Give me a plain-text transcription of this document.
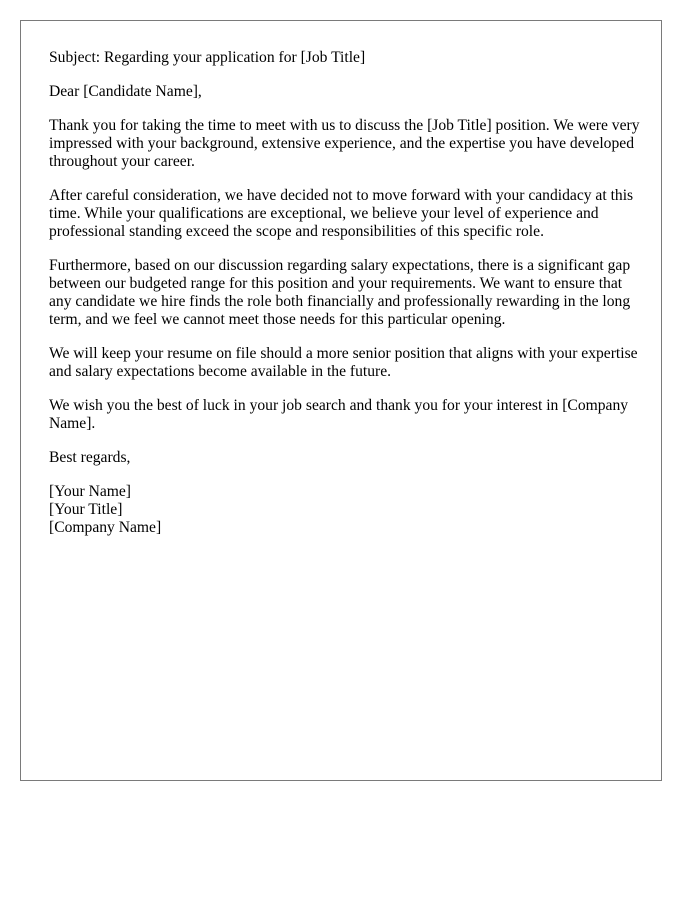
Subject: Regarding your application for [Job Title]

Dear [Candidate Name],

Thank you for taking the time to meet with us to discuss the [Job Title] position. We were very impressed with your background, extensive experience, and the expertise you have developed throughout your career.

After careful consideration, we have decided not to move forward with your candidacy at this time. While your qualifications are exceptional, we believe your level of experience and professional standing exceed the scope and responsibilities of this specific role.

Furthermore, based on our discussion regarding salary expectations, there is a significant gap between our budgeted range for this position and your requirements. We want to ensure that any candidate we hire finds the role both financially and professionally rewarding in the long term, and we feel we cannot meet those needs for this particular opening.

We will keep your resume on file should a more senior position that aligns with your expertise and salary expectations become available in the future.

We wish you the best of luck in your job search and thank you for your interest in [Company Name].

Best regards,

[Your Name]
[Your Title]
[Company Name]
